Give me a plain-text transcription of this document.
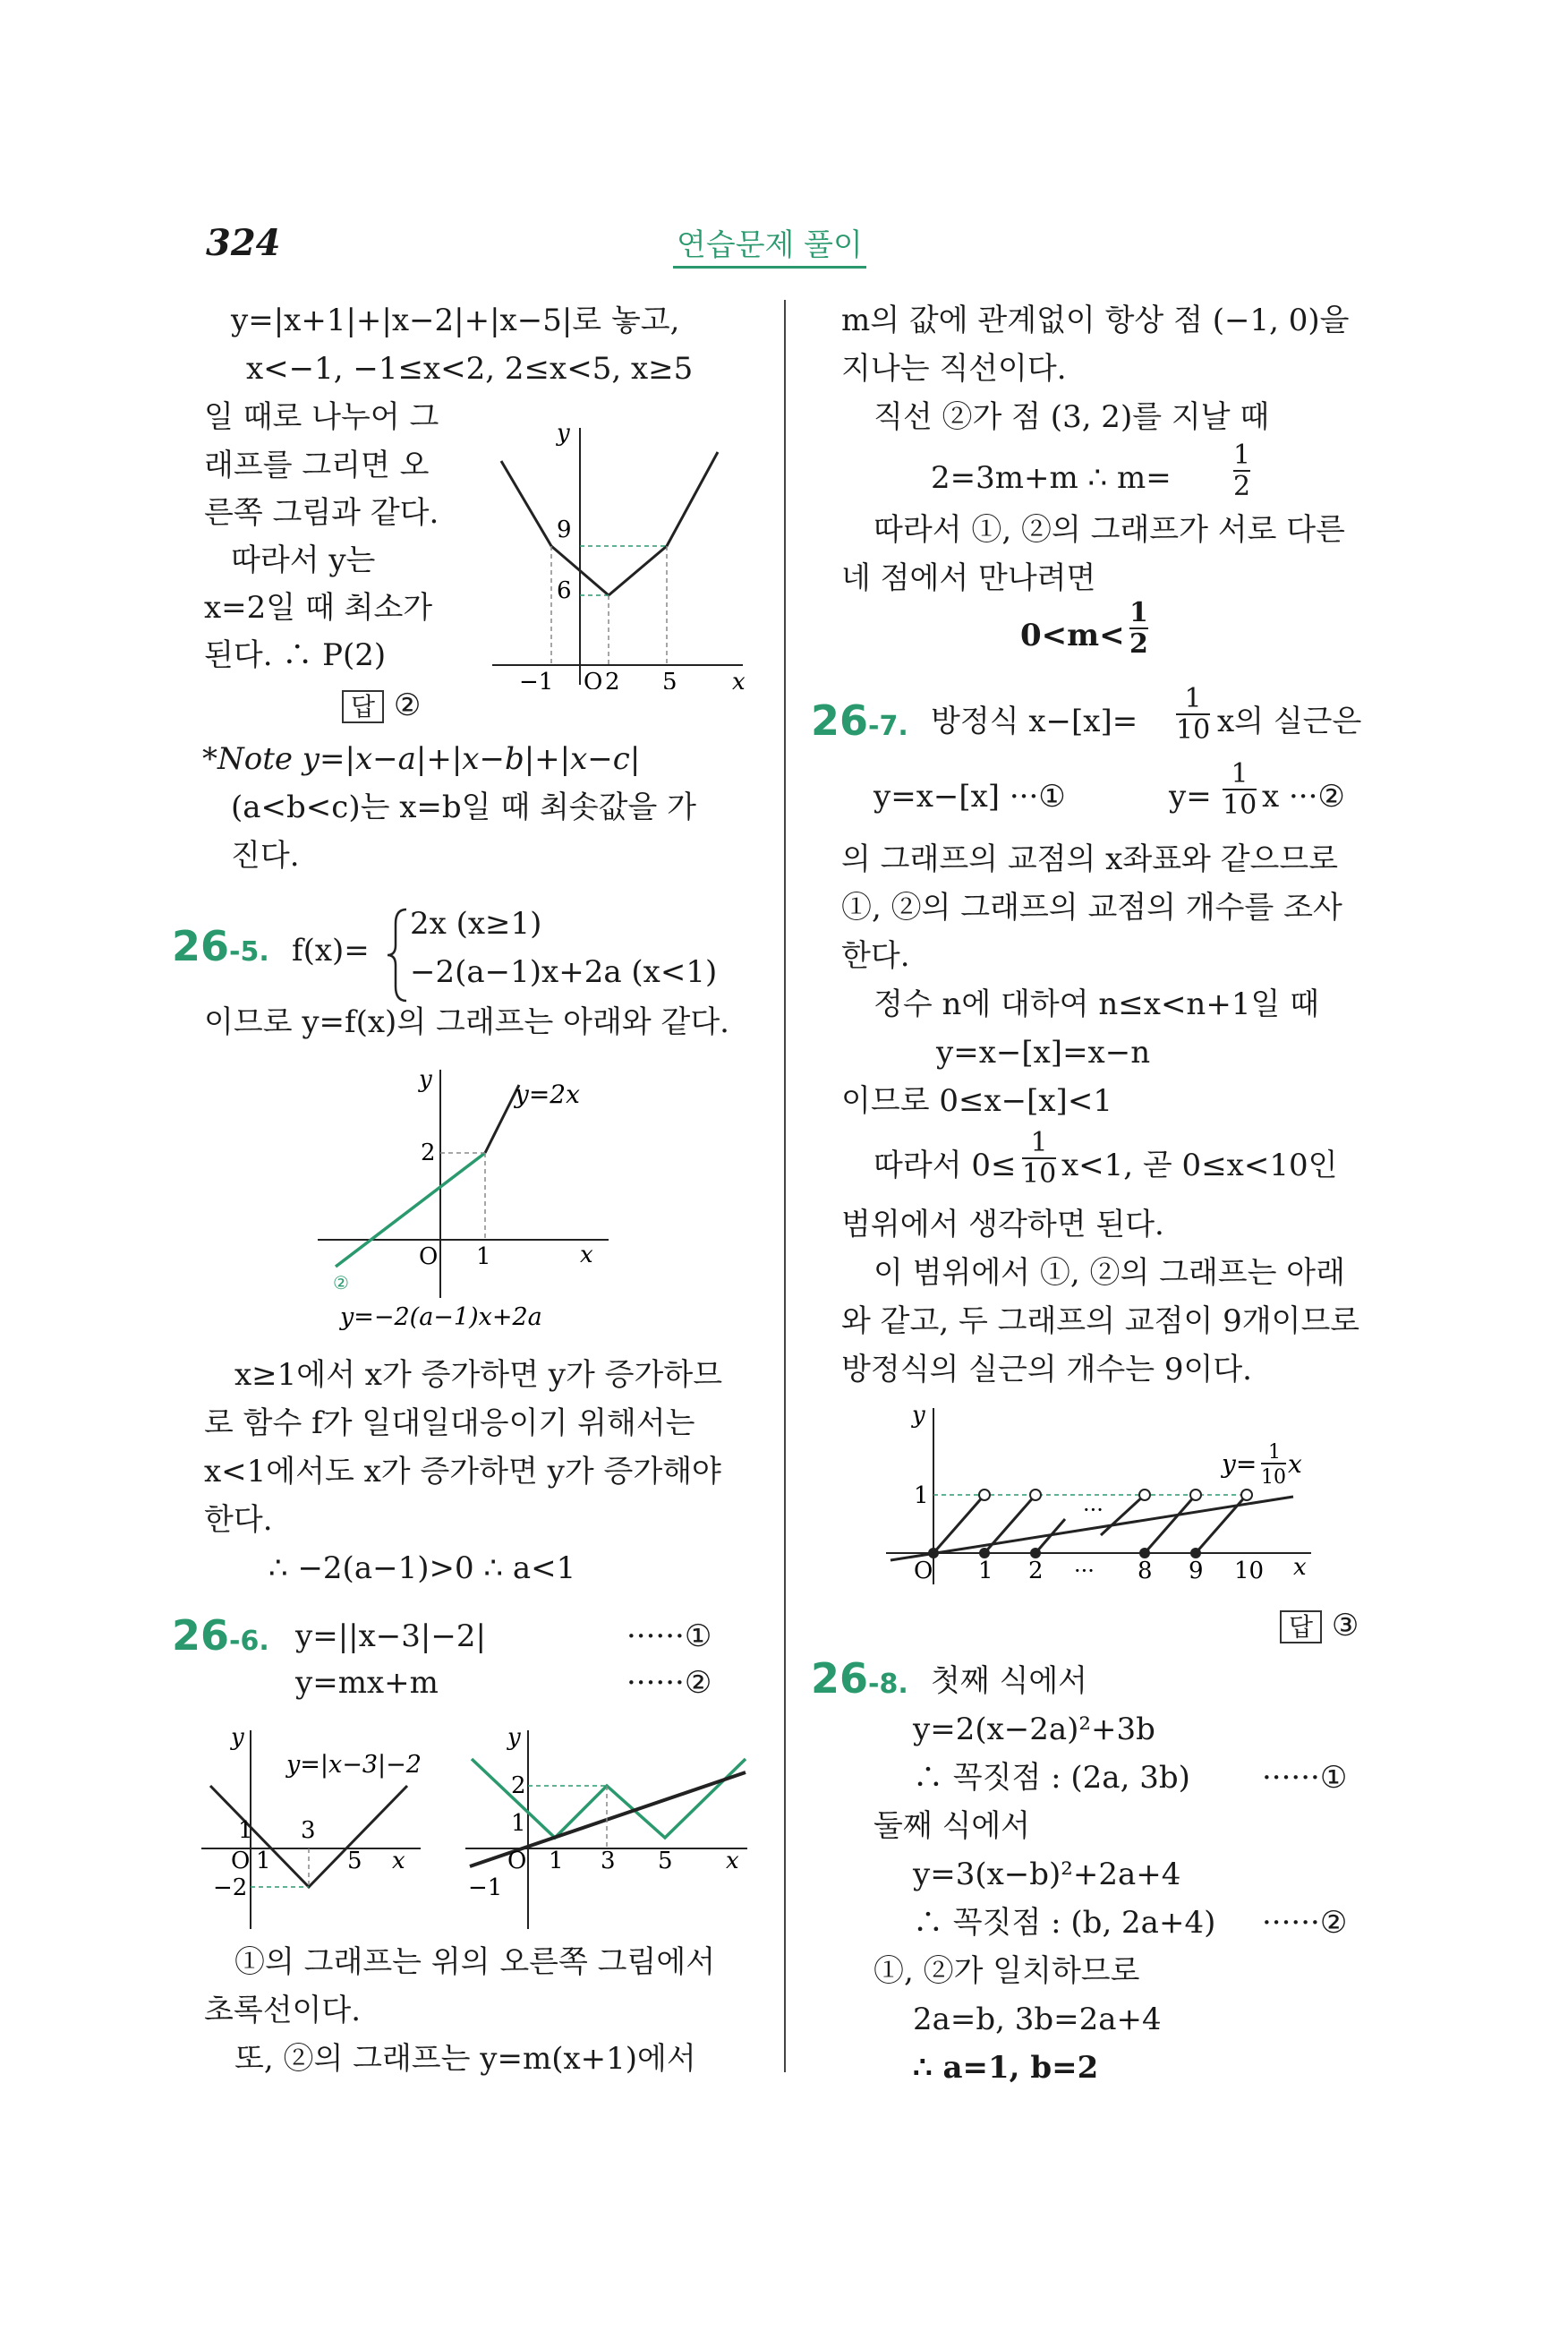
324	연습문제 풀이
y=|x+1|+|x−2|+|x−5|로 놓고,
x<−1, −1≤x<2, 2≤x<5, x≥5
일 때로 나누어 그
래프를 그리면 오
른쪽 그림과 같다.
따라서 y는
x=2일 때 최소가
된다. ∴ P(2)
답 ②
y
x
9
6
−1 O 2 5
*Note y=|x−a|+|x−b|+|x−c|
(a<b<c)는 x=b일 때 최솟값을 가
진다.
26-5. f(x)=
2x (x≥1)
−2(a−1)x+2a (x<1)
이므로 y=f(x)의 그래프는 아래와 같다.
y
x
y=2x
2
O 1
②
y=−2(a−1)x+2a
x≥1에서 x가 증가하면 y가 증가하므
로 함수 f가 일대일대응이기 위해서는
x<1에서도 x가 증가하면 y가 증가해야
한다.
∴ −2(a−1)>0 ∴ a<1
26-6. y=||x−3|−2|	······①
y=mx+m	······②
y
x
y=|x−3|−2
1 3
O 1	5
−2
y
x
2
1
O 1 3 5
−1
①의 그래프는 위의 오른쪽 그림에서
초록선이다.
또, ②의 그래프는 y=m(x+1)에서
m의 값에 관계없이 항상 점 (−1, 0)을
지나는 직선이다.
직선 ②가 점 (3, 2)를 지날 때
2=3m+m ∴ $m= \frac{1}{2}$
따라서 ①, ②의 그래프가 서로 다른
네 점에서 만나려면
$0<m< \frac{1}{2}$
26-7. 방정식 $x-[x]= \frac{1}{10}$ x의 실근은
y=x−[x] ···①	$y= \frac{1}{10}$ x ···②
의 그래프의 교점의 x좌표와 같으므로
①, ②의 그래프의 교점의 개수를 조사
한다.
정수 n에 대하여 n≤x<n+1일 때
y=x−[x]=x−n
이므로 0≤x−[x]<1
따라서 $0\le \frac{1}{10} x<1$, 곧 0≤x<10인
범위에서 생각하면 된다.
이 범위에서 ①, ②의 그래프는 아래
와 같고, 두 그래프의 교점이 9개이므로
방정식의 실근의 개수는 9이다.
y
x
y= 1
10 x
1
O 1 2 ···
···
8 9 10
답 ③
26-8. 첫째 식에서
y=2(x−2a)²+3b
∴ 꼭짓점 : (2a, 3b) ······①
둘째 식에서
y=3(x−b)²+2a+4
∴ 꼭짓점 : (b, 2a+4) ······②
①, ②가 일치하므로
2a=b, 3b=2a+4
∴ a=1, b=2
